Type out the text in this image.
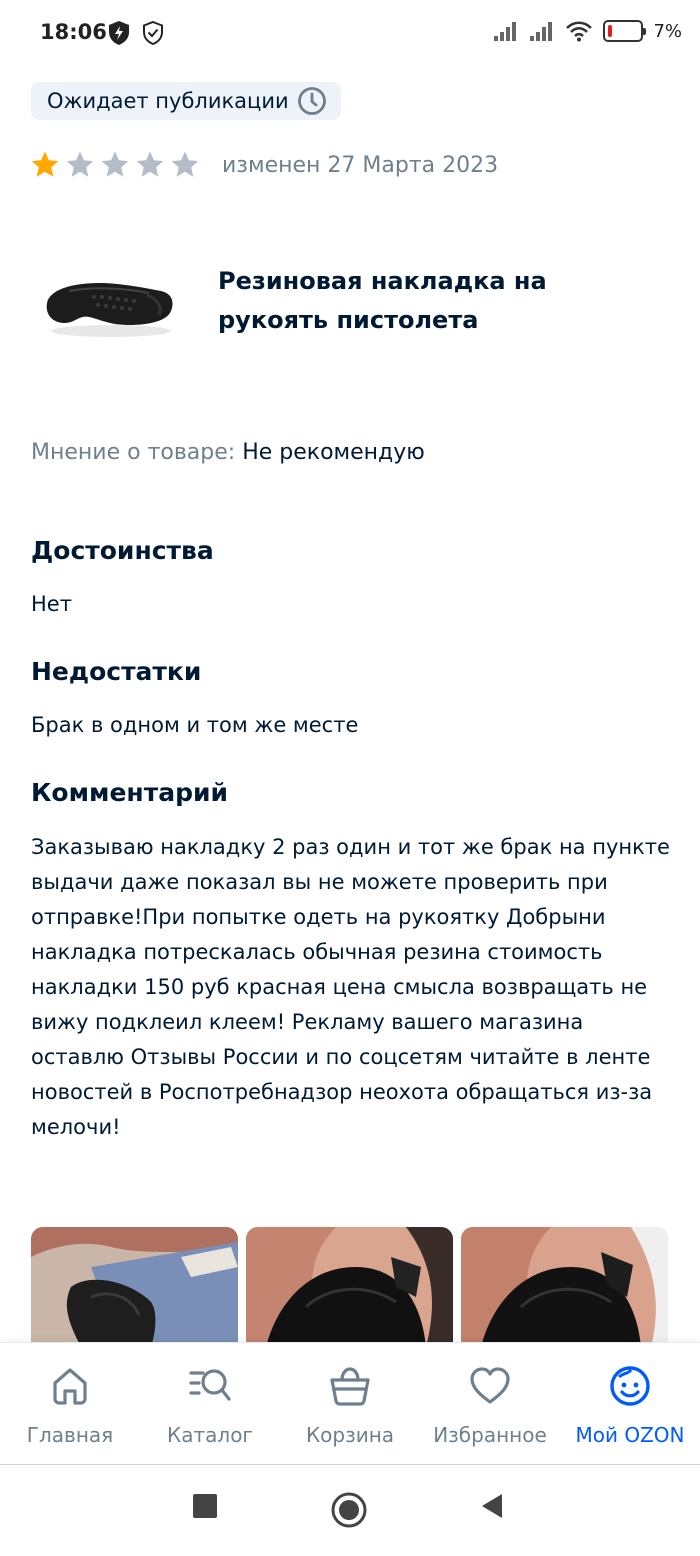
18:06	7%
Ожидает публикации
изменен 27 Марта 2023
Резиновая накладка на рукоять пистолета
Мнение о товаре: Не рекомендую
Достоинства
Нет
Недостатки
Брак в одном и том же месте
Комментарий
Заказываю накладку 2 раз один и тот же брак на пункте выдачи даже показал вы не можете проверить при отправке!При попытке одеть на рукоятку Добрыни накладка потрескалась обычная резина стоимость накладки 150 руб красная цена смысла возвращать не вижу подклеил клеем! Рекламу вашего магазина оставлю Отзывы России и по соцсетям читайте в ленте новостей в Роспотребнадзор неохота обращаться из-за мелочи!
Главная	Каталог	Корзина Избранное Мой OZON
